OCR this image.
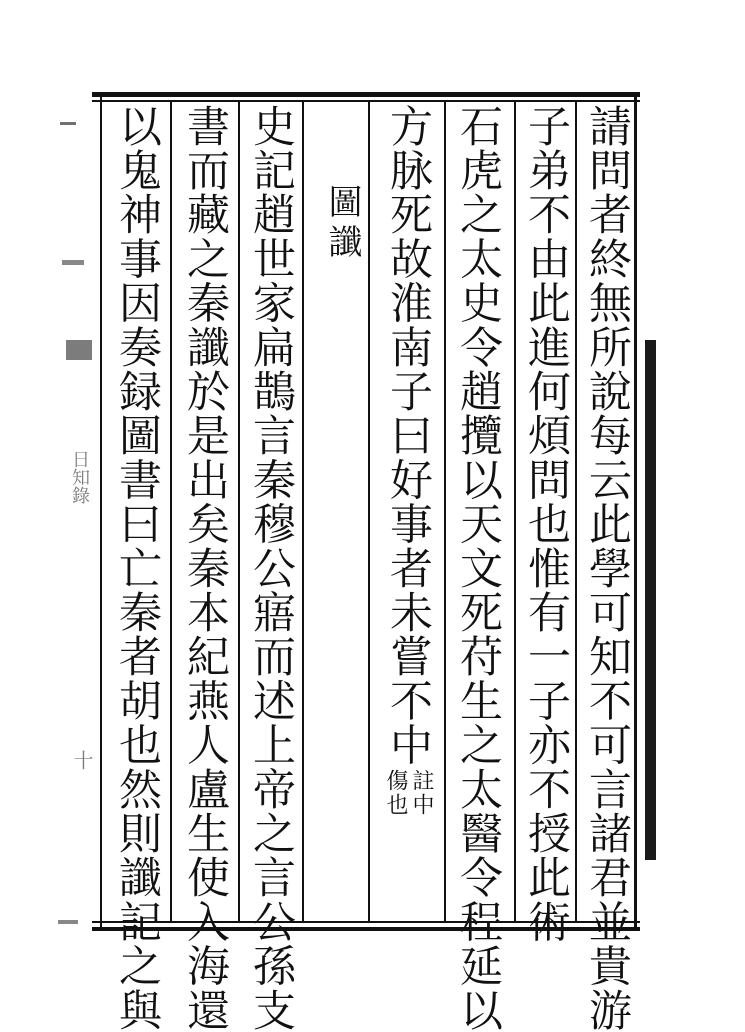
請問者終無所說每云此學可知不可言諸君並貴游
子弟不由此進何煩問也惟有一子亦不授此術
石虎之太史令趙攬以天文死苻生之太醫令程延以
方脉死故淮南子曰好事者未嘗不中
註中
傷也
圖讖
史記趙世家扁鵲言秦穆公寤而述上帝之言公孫支
書而藏之秦讖於是出矣秦本紀燕人盧生使入海還
以鬼神事因奏録圖書曰亡秦者胡也然則讖記之與
日知錄
十
